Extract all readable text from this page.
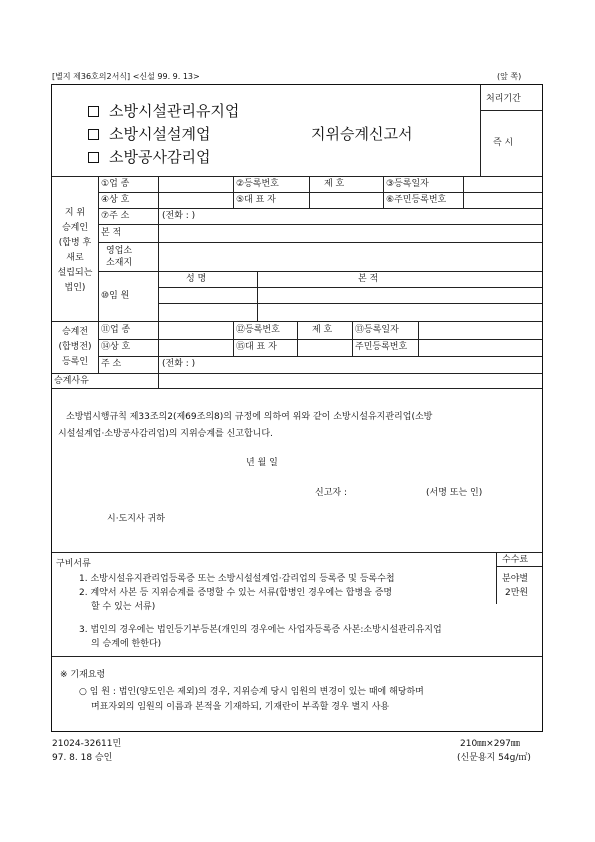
[별지 제36호의2서식] <신설 99. 9. 13>	(앞 쪽)
처리기간
즉 시
소방시설관리유지업
소방시설설계업
소방공사감리업
지위승계신고서
지 위
승계인
(합병 후
새로
설립되는
법인)
①업 종	②등록번호	제 호	③등록일자
④상 호	⑤대 표 자	⑥주민등록번호
⑦주 소	(전화 : )
본 적
영업소
소재지
⑩임 원
성 명	본 적
승계전
(합병전)
등록인
⑪업 종	⑫등록번호	제 호	⑬등록일자
⑭상 호	⑮대 표 자	주민등록번호
주 소	(전화 : )
승계사유
소방법시행규칙 제33조의2(제69조의8)의 규정에 의하여 위와 같이 소방시설유지관리업(소방
시설설계업·소방공사감리업)의 지위승계를 신고합니다.
년 월 일
신고자 :	(서명 또는 인)
시·도지사 귀하
구비서류
1. 소방시설유지관리업등록증 또는 소방시설설계업·감리업의 등록증 및 등록수첩
2. 계약서 사본 등 지위승계를 증명할 수 있는 서류(합병인 경우에는 합병을 증명
할 수 있는 서류)
3. 법인의 경우에는 법인등기부등본(개인의 경우에는 사업자등록증 사본:소방시설관리유지업
의 승계에 한한다)
수수료
분야별
2만원
※ 기재요령
○ 임 원 : 법인(양도인은 제외)의 경우, 지위승계 당시 임원의 변경이 있는 때에 해당하며
며표자외의 임원의 이름과 본적을 기재하되, 기재란이 부족할 경우 별지 사용
21024-32611민
97. 8. 18 승인
210㎜×297㎜
(신문용지 54g/㎡)
